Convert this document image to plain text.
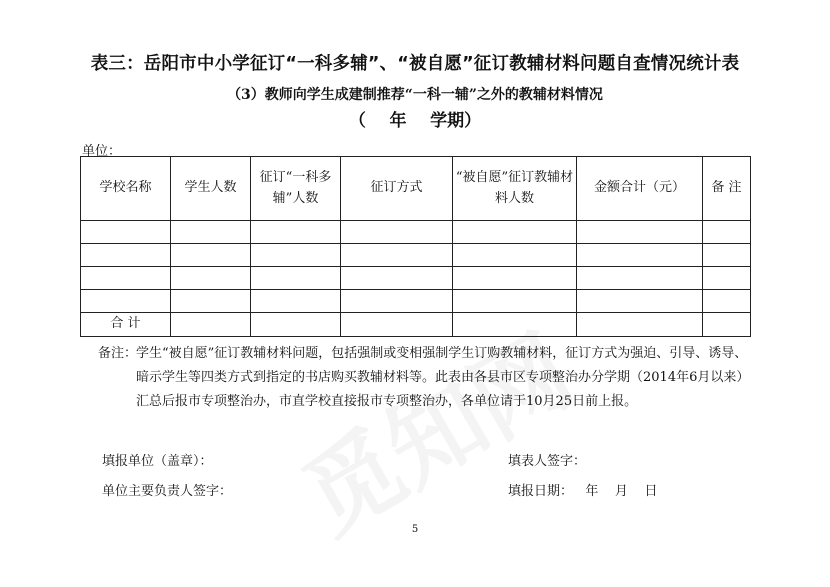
表三：岳阳市中小学征订“一科多辅”、“被自愿”征订教辅材料问题自查情况统计表
（3）教师向学生成建制推荐“一科一辅”之外的教辅材料情况
（    年    学期）
单位：
学校名称	学生人数	征订“一科多辅”人数	征订方式	“被自愿”征订教辅材料人数	金额合计（元）	备 注

合 计						
备注：
学生“被自愿”征订教辅材料问题，包括强制或变相强制学生订购教辅材料，征订方式为强迫、引导、诱导、暗示学生等四类方式到指定的书店购买教辅材料等。此表由各县市区专项整治办分学期（2014年6月以来）汇总后报市专项整治办，市直学校直接报市专项整治办，各单位请于10月25日前上报。
填报单位（盖章）：	填表人签字：
单位主要负责人签字：	填报日期：   年    月    日
5
